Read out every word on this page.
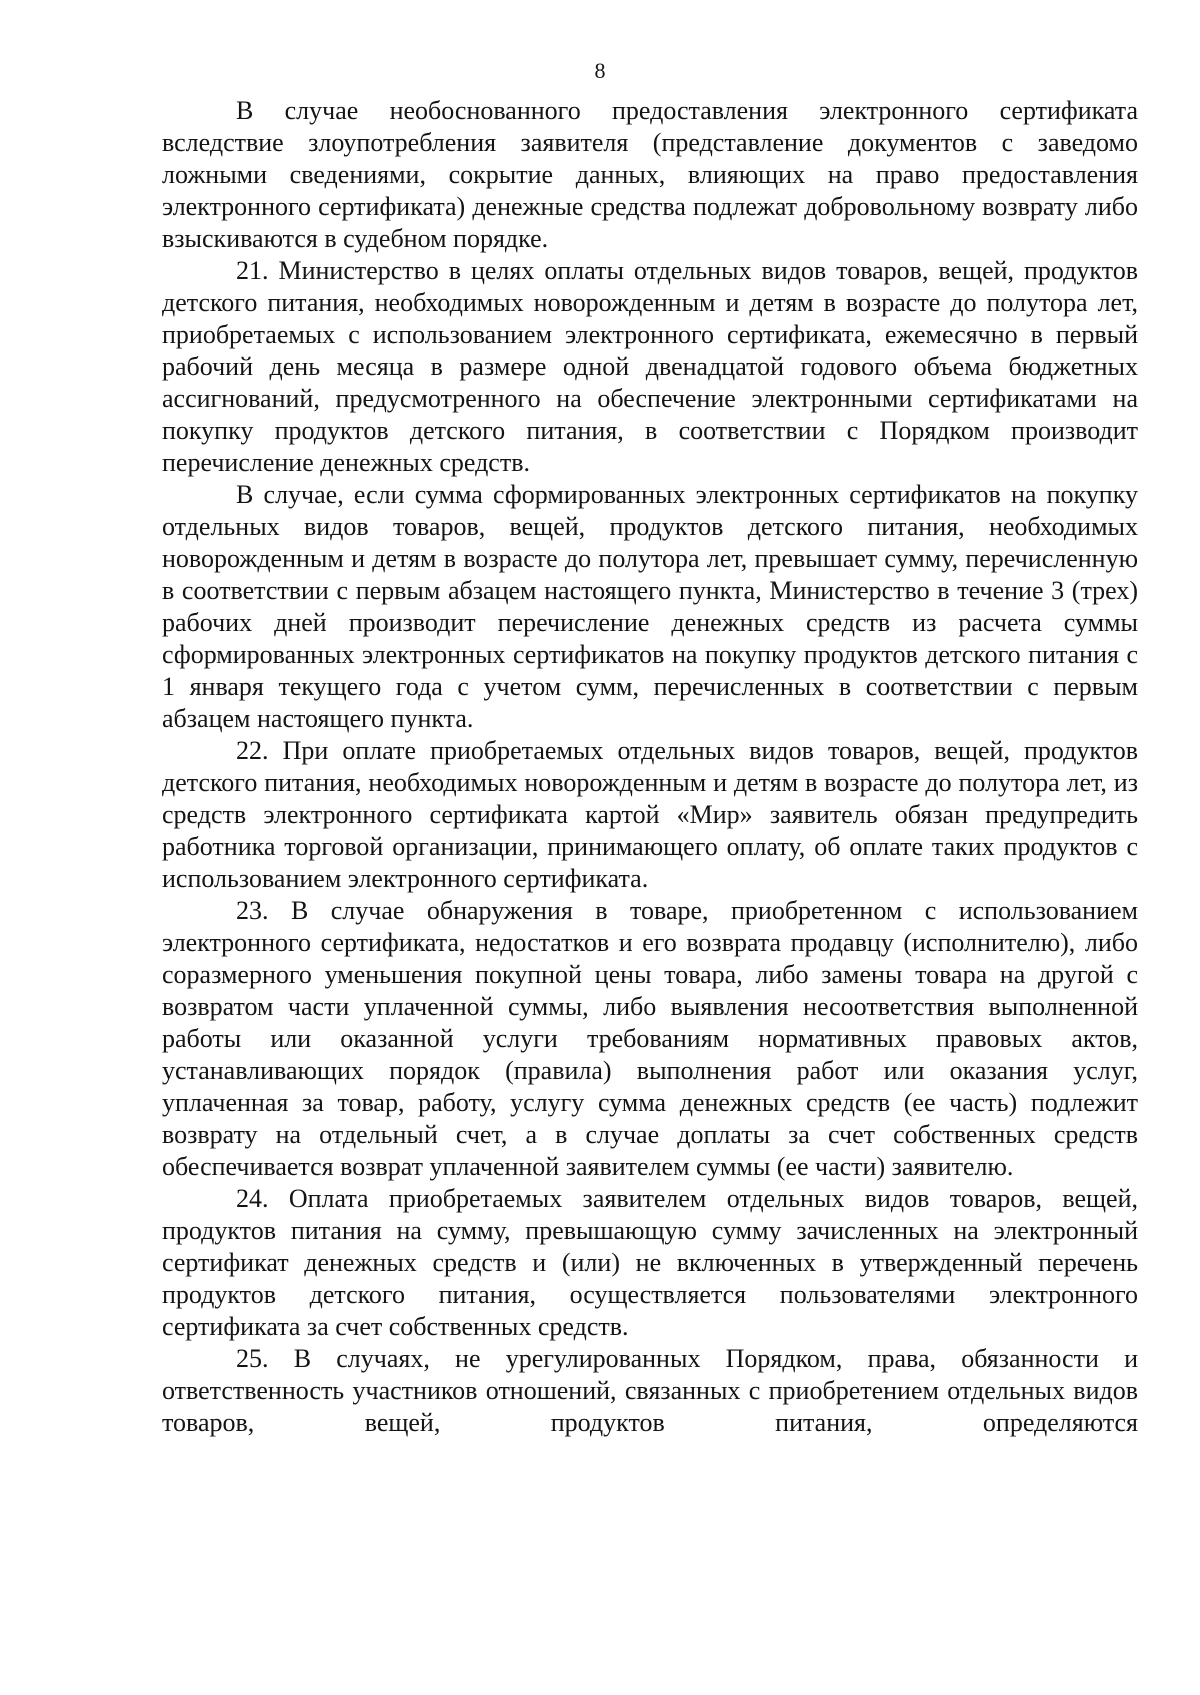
8

В случае необоснованного предоставления электронного сертификата вследствие злоупотребления заявителя (представление документов с заведомо ложными сведениями, сокрытие данных, влияющих на право предоставления электронного сертификата) денежные средства подлежат добровольному возврату либо взыскиваются в судебном порядке.

21. Министерство в целях оплаты отдельных видов товаров, вещей, продуктов детского питания, необходимых новорожденным и детям в возрасте до полутора лет, приобретаемых с использованием электронного сертификата, ежемесячно в первый рабочий день месяца в размере одной двенадцатой годового объема бюджетных ассигнований, предусмотренного на обеспечение электронными сертификатами на покупку продуктов детского питания, в соответствии с Порядком производит перечисление денежных средств.

В случае, если сумма сформированных электронных сертификатов на покупку отдельных видов товаров, вещей, продуктов детского питания, необходимых новорожденным и детям в возрасте до полутора лет, превышает сумму, перечисленную в соответствии с первым абзацем настоящего пункта, Министерство в течение 3 (трех) рабочих дней производит перечисление денежных средств из расчета суммы сформированных электронных сертификатов на покупку продуктов детского питания с 1 января текущего года с учетом сумм, перечисленных в соответствии с первым абзацем настоящего пункта.

22. При оплате приобретаемых отдельных видов товаров, вещей, продуктов детского питания, необходимых новорожденным и детям в возрасте до полутора лет, из средств электронного сертификата картой «Мир» заявитель обязан предупредить работника торговой организации, принимающего оплату, об оплате таких продуктов с использованием электронного сертификата.

23. В случае обнаружения в товаре, приобретенном с использованием электронного сертификата, недостатков и его возврата продавцу (исполнителю), либо соразмерного уменьшения покупной цены товара, либо замены товара на другой с возвратом части уплаченной суммы, либо выявления несоответствия выполненной работы или оказанной услуги требованиям нормативных правовых актов, устанавливающих порядок (правила) выполнения работ или оказания услуг, уплаченная за товар, работу, услугу сумма денежных средств (ее часть) подлежит возврату на отдельный счет, а в случае доплаты за счет собственных средств обеспечивается возврат уплаченной заявителем суммы (ее части) заявителю.

24. Оплата приобретаемых заявителем отдельных видов товаров, вещей, продуктов питания на сумму, превышающую сумму зачисленных на электронный сертификат денежных средств и (или) не включенных в утвержденный перечень продуктов детского питания, осуществляется пользователями электронного сертификата за счет собственных средств.

25. В случаях, не урегулированных Порядком, права, обязанности и ответственность участников отношений, связанных с приобретением отдельных видов товаров, вещей, продуктов питания, определяются
